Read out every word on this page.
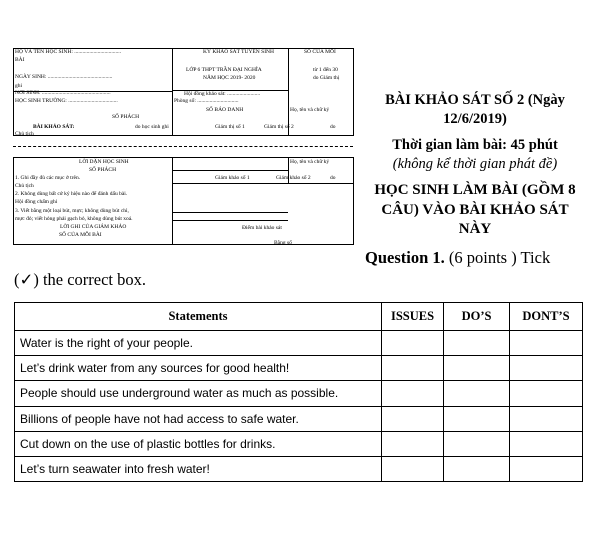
HỌ VÀ TÊN HỌC SINH: ..................................
BÀI
NGÀY SINH: ...............................................
ghi
NƠI SINH: ..................................................
HỌC SINH TRƯỜNG: ....................................
SỐ PHÁCH
BÀI KHẢO SÁT:
Chủ tịch
KỲ KHẢO SÁT TUYỂN SINH
LỚP 6 THPT TRẦN ĐẠI NGHĨA
NĂM HỌC 2019- 2020
Hội đồng khảo sát: ........................
Phòng số: ..............................
SỐ BÁO DANH
do học sinh ghi	Giám thị số 1	Giám thị số 2
SỐ CỦA MỖI
từ 1 đến 30
do Giám thị
Họ, tên và chữ ký
do
LỜI DẶN HỌC SINH
SỐ PHÁCH
1. Ghi đầy đủ các mục ở trên.
Chủ tịch
2. Không dùng bất cứ ký hiệu nào để đánh dấu bài.
Hội đồng chấm ghi
3. Viết bằng một loại bút, mực; không dùng bút chì,
mực đỏ; viết hỏng phải gạch bỏ, không dùng bút xoá.
LỜI GHI CỦA GIÁM KHẢO
SỐ CỦA MỖI BÀI
Họ, tên và chữ ký
Giám khảo số 1	Giám khảo số 2	do
Điểm bài khảo sát
Bằng số
BÀI KHẢO SÁT SỐ 2 (Ngày
12/6/2019)
Thời gian làm bài: 45 phút
(không kể thời gian phát đề)
HỌC SINH LÀM BÀI (GỒM 8
CÂU) VÀO BÀI KHẢO SÁT
NÀY
Question 1. (6 points ) Tick
(✓) the correct box.
Statements	ISSUES	DO’S	DONT’S
Water is the right of your people.			
Let’s drink water from any sources for good health!			
People should use underground water as much as possible.			
Billions of people have not had access to safe water.			
Cut down on the use of plastic bottles for drinks.			
Let’s turn seawater into fresh water!			
